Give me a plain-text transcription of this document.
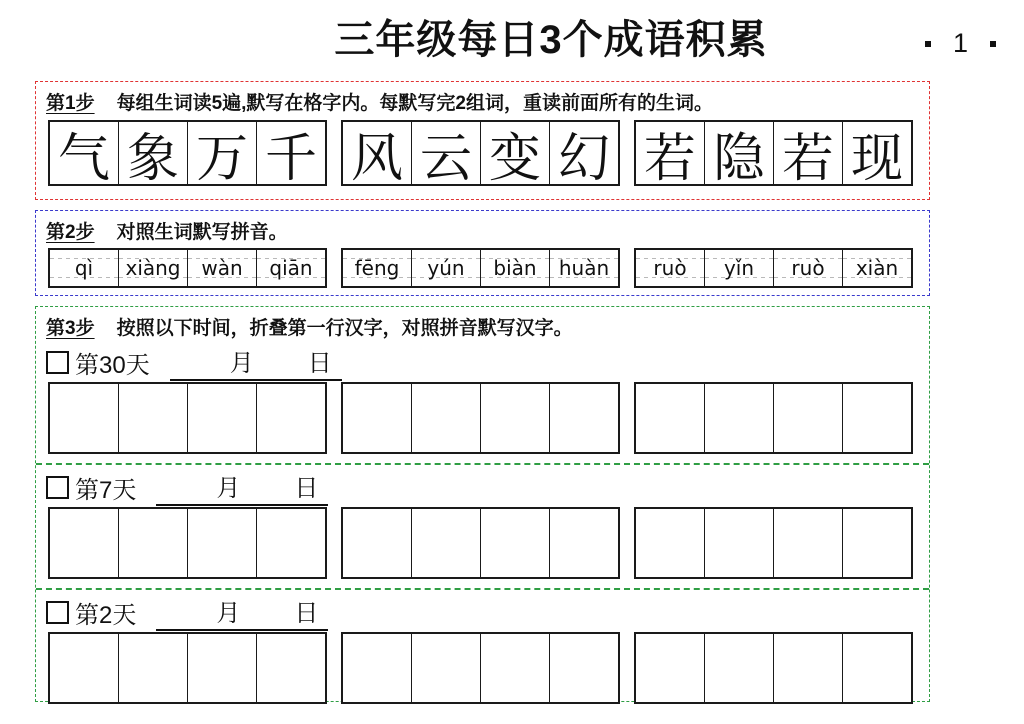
三年级每日3个成语积累	1
第1步 每组生词读5遍,默写在格字内。每默写完2组词，重读前面所有的生词。
气 象 万 千 风 云 变 幻 若 隐 若 现
第2步 对照生词默写拼音。
qì	xiàng	wàn	qiān	fēng	yún	biàn	huàn	ruò	yǐn	ruò	xiàn
第3步 按照以下时间，折叠第一行汉字，对照拼音默写汉字。
第30天	　　月　　日
第7天	　　月　　日
第2天	　　月　　日
